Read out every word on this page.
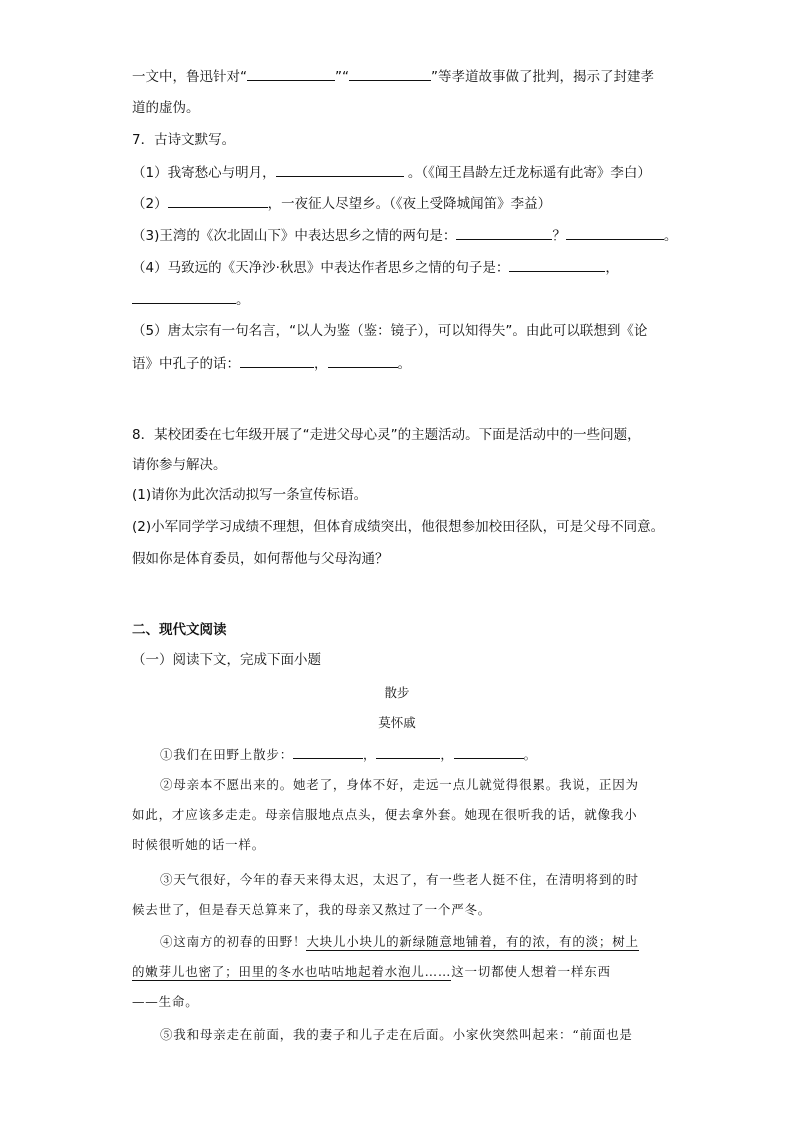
一文中，鲁迅针对“	”“	”等孝道故事做了批判，揭示了封建孝
道的虚伪。
7．古诗文默写。
（1）我寄愁心与明月，	。（《闻王昌龄左迁龙标遥有此寄》李白）
（2）	，一夜征人尽望乡。（《夜上受降城闻笛》李益）
（3)王湾的《次北固山下》中表达思乡之情的两句是：	？	。
（4）马致远的《天净沙·秋思》中表达作者思乡之情的句子是：	，
。
（5）唐太宗有一句名言，“以人为鉴（鉴：镜子），可以知得失”。由此可以联想到《论
语》中孔子的话：	，	。
8．某校团委在七年级开展了“走进父母心灵”的主题活动。下面是活动中的一些问题，
请你参与解决。
(1)请你为此次活动拟写一条宣传标语。
(2)小军同学学习成绩不理想，但体育成绩突出，他很想参加校田径队，可是父母不同意。
假如你是体育委员，如何帮他与父母沟通？
二、现代文阅读
（一）阅读下文，完成下面小题
散步
莫怀戚
①我们在田野上散步：	，	，	。
②母亲本不愿出来的。她老了，身体不好，走远一点儿就觉得很累。我说，正因为
如此，才应该多走走。母亲信服地点点头，便去拿外套。她现在很听我的话，就像我小
时候很听她的话一样。
③天气很好，今年的春天来得太迟，太迟了，有一些老人挺不住，在清明将到的时
候去世了，但是春天总算来了，我的母亲又熬过了一个严冬。
④这南方的初春的田野！大块儿小块儿的新绿随意地铺着，有的浓，有的淡；树上
的嫩芽儿也密了；田里的冬水也咕咕地起着水泡儿……这一切都使人想着一样东西
——生命。
⑤我和母亲走在前面，我的妻子和儿子走在后面。小家伙突然叫起来：“前面也是
